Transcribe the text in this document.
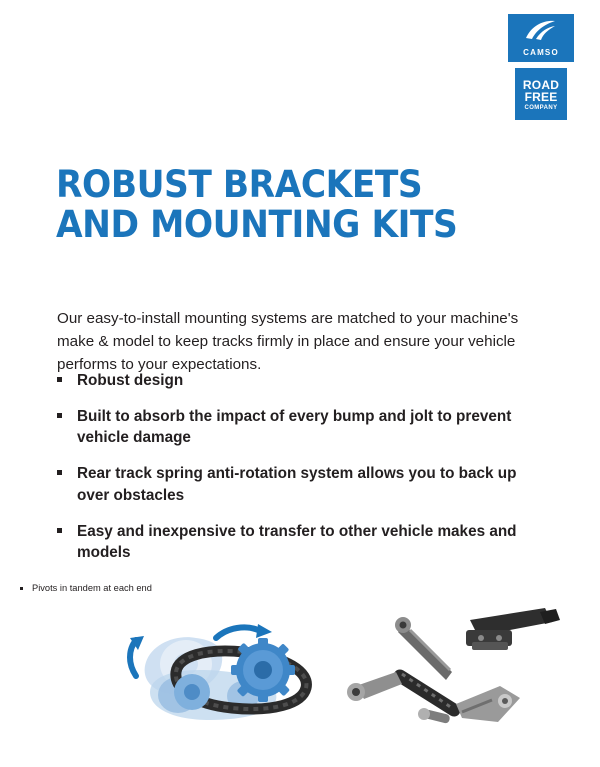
CAMSO
ROAD
FREE
COMPANY
ROBUST BRACKETS
AND MOUNTING KITS

Our easy-to-install mounting systems are matched to your machine's make & model to keep tracks firmly in place and ensure your vehicle performs to your expectations.

Robust design
Built to absorb the impact of every bump and jolt to prevent vehicle damage
Rear track spring anti-rotation system allows you to back up over obstacles
Easy and inexpensive to transfer to other vehicle makes and models
Pivots in tandem at each end
